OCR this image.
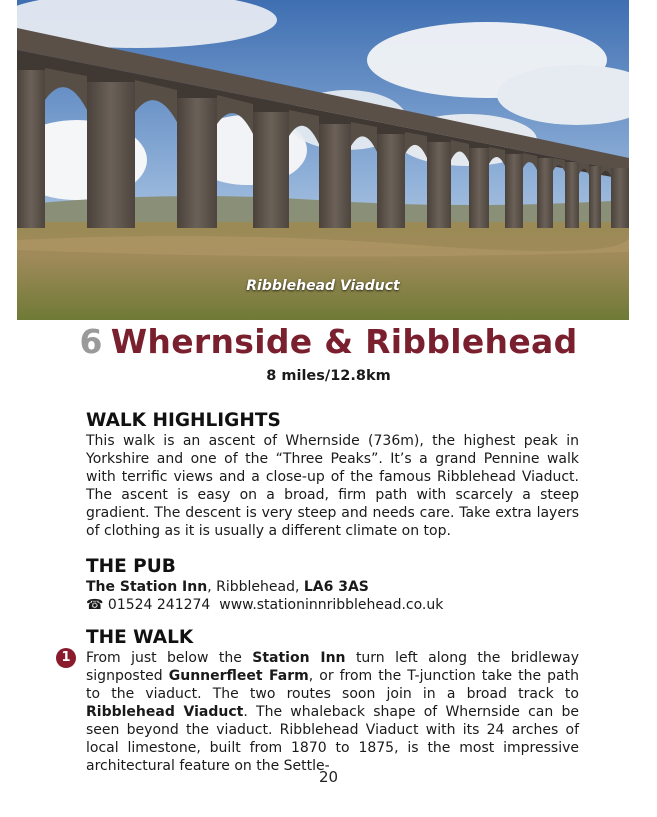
Ribblehead Viaduct
6 Whernside & Ribblehead
8 miles/12.8km
WALK HIGHLIGHTS

This walk is an ascent of Whernside (736m), the highest peak in Yorkshire and one of the “Three Peaks”. It’s a grand Pennine walk with terrific views and a close-up of the famous Ribblehead Viaduct. The ascent is easy on a broad, firm path with scarcely a steep gradient. The descent is very steep and needs care. Take extra layers of clothing as it is usually a different climate on top.

THE PUB
The Station Inn, Ribblehead, LA6 3AS
☎ 01524 241274 www.stationinnribblehead.co.uk
1
THE WALK

From just below the Station Inn turn left along the bridleway signposted Gunnerfleet Farm, or from the T-junction take the path to the viaduct. The two routes soon join in a broad track to Ribblehead Viaduct. The whaleback shape of Whernside can be seen beyond the viaduct. Ribblehead Viaduct with its 24 arches of local limestone, built from 1870 to 1875, is the most impressive architectural feature on the Settle-

20
